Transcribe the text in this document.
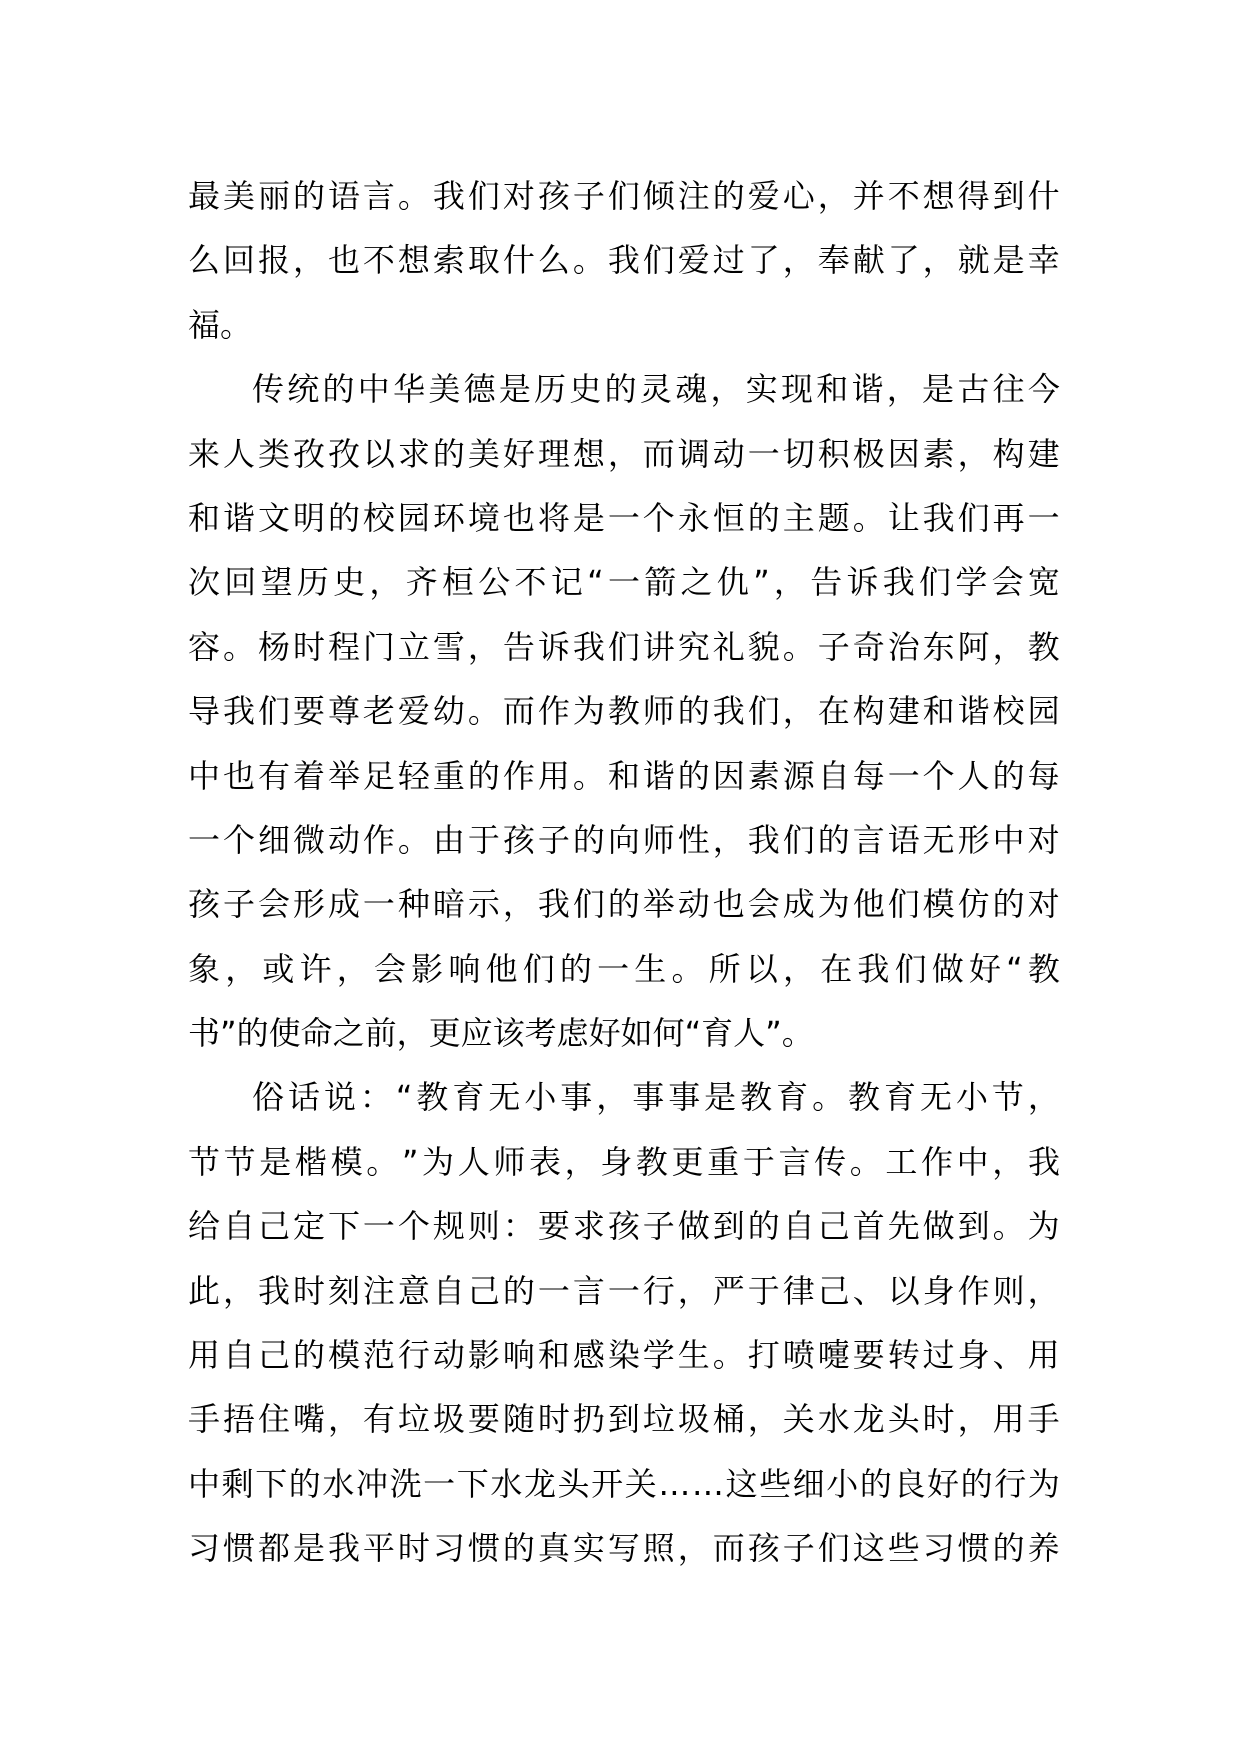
最 美 丽 的 语 言 。 我 们 对 孩 子 们 倾 注 的 爱 心 ， 并 不 想 得 到 什
么 回 报 ， 也 不 想 索 取 什 么 。 我 们 爱 过 了 ， 奉 献 了 ， 就 是 幸
福。
传 统 的 中 华 美 德 是 历 史 的 灵 魂 ， 实 现 和 谐 ， 是 古 往 今
来 人 类 孜 孜 以 求 的 美 好 理 想 ， 而 调 动 一 切 积 极 因 素 ， 构 建
和 谐 文 明 的 校 园 环 境 也 将 是 一 个 永 恒 的 主 题 。 让 我 们 再 一
次 回 望 历 史 ， 齐 桓 公 不 记 “ 一 箭 之 仇 ” ， 告 诉 我 们 学 会 宽
容 。 杨 时 程 门 立 雪 ， 告 诉 我 们 讲 究 礼 貌 。 子 奇 治 东 阿 ， 教
导 我 们 要 尊 老 爱 幼 。 而 作 为 教 师 的 我 们 ， 在 构 建 和 谐 校 园
中 也 有 着 举 足 轻 重 的 作 用 。 和 谐 的 因 素 源 自 每 一 个 人 的 每
一 个 细 微 动 作 。 由 于 孩 子 的 向 师 性 ， 我 们 的 言 语 无 形 中 对
孩 子 会 形 成 一 种 暗 示 ， 我 们 的 举 动 也 会 成 为 他 们 模 仿 的 对
象 ， 或 许 ， 会 影 响 他 们 的 一 生 。 所 以 ， 在 我 们 做 好 “ 教
书”的使命之前，更应该考虑好如何“育人”。
俗 话 说 ： “ 教 育 无 小 事 ， 事 事 是 教 育 。 教 育 无 小 节 ，
节 节 是 楷 模 。 ” 为 人 师 表 ， 身 教 更 重 于 言 传 。 工 作 中 ， 我
给 自 己 定 下 一 个 规 则 ： 要 求 孩 子 做 到 的 自 己 首 先 做 到 。 为
此 ， 我 时 刻 注 意 自 己 的 一 言 一 行 ， 严 于 律 己 、 以 身 作 则 ，
用 自 己 的 模 范 行 动 影 响 和 感 染 学 生 。 打 喷 嚏 要 转 过 身 、 用
手 捂 住 嘴 ， 有 垃 圾 要 随 时 扔 到 垃 圾 桶 ， 关 水 龙 头 时 ， 用 手
中 剩 下 的 水 冲 洗 一 下 水 龙 头 开 关 … … 这 些 细 小 的 良 好 的 行 为
习 惯 都 是 我 平 时 习 惯 的 真 实 写 照 ， 而 孩 子 们 这 些 习 惯 的 养
